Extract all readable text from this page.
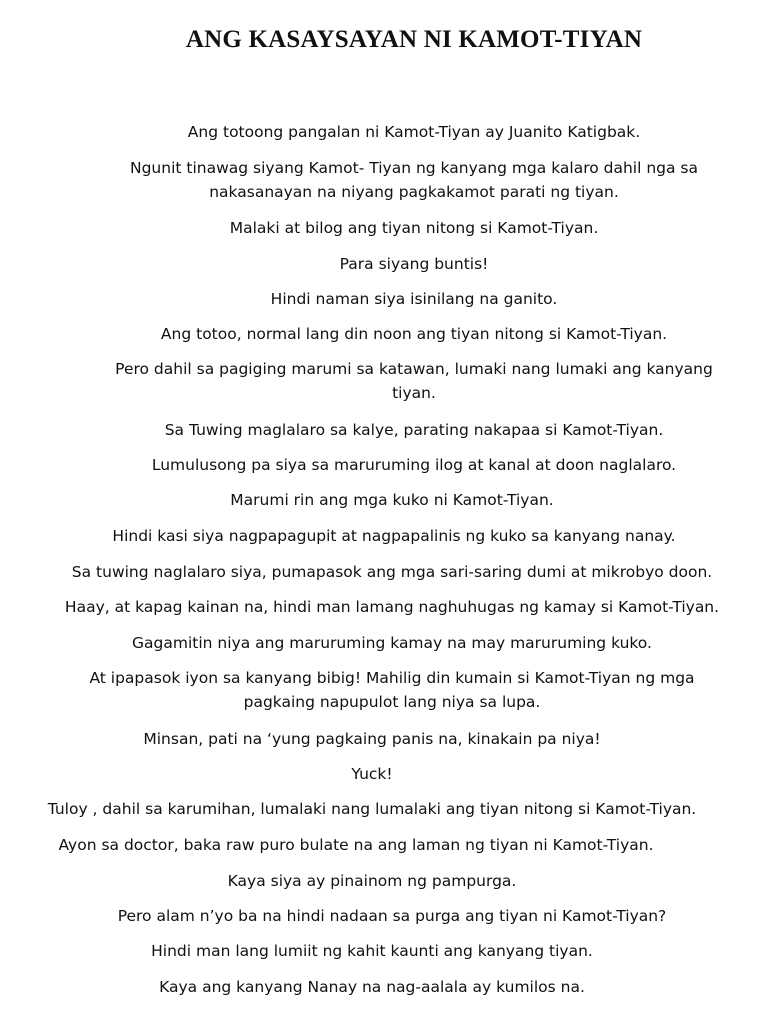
ANG KASAYSAYAN NI KAMOT-TIYAN

Ang totoong pangalan ni Kamot-Tiyan ay Juanito Katigbak.

Ngunit tinawag siyang Kamot- Tiyan ng kanyang mga kalaro dahil nga sa
nakasanayan na niyang pagkakamot parati ng tiyan.

Malaki at bilog ang tiyan nitong si Kamot-Tiyan.

Para siyang buntis!

Hindi naman siya isinilang na ganito.

Ang totoo, normal lang din noon ang tiyan nitong si Kamot-Tiyan.

Pero dahil sa pagiging marumi sa katawan, lumaki nang lumaki ang kanyang
tiyan.

Sa Tuwing maglalaro sa kalye, parating nakapaa si Kamot-Tiyan.

Lumulusong pa siya sa maruruming ilog at kanal at doon naglalaro.

Marumi rin ang mga kuko ni Kamot-Tiyan.

Hindi kasi siya nagpapagupit at nagpapalinis ng kuko sa kanyang nanay.

Sa tuwing naglalaro siya, pumapasok ang mga sari-saring dumi at mikrobyo doon.

Haay, at kapag kainan na, hindi man lamang naghuhugas ng kamay si Kamot-Tiyan.

Gagamitin niya ang maruruming kamay na may maruruming kuko.

At ipapasok iyon sa kanyang bibig! Mahilig din kumain si Kamot-Tiyan ng mga
pagkaing napupulot lang niya sa lupa.

Minsan, pati na ‘yung pagkaing panis na, kinakain pa niya!

Yuck!

Tuloy , dahil sa karumihan, lumalaki nang lumalaki ang tiyan nitong si Kamot-Tiyan.

Ayon sa doctor, baka raw puro bulate na ang laman ng tiyan ni Kamot-Tiyan.

Kaya siya ay pinainom ng pampurga.

Pero alam n’yo ba na hindi nadaan sa purga ang tiyan ni Kamot-Tiyan?

Hindi man lang lumiit ng kahit kaunti ang kanyang tiyan.

Kaya ang kanyang Nanay na nag-aalala ay kumilos na.
